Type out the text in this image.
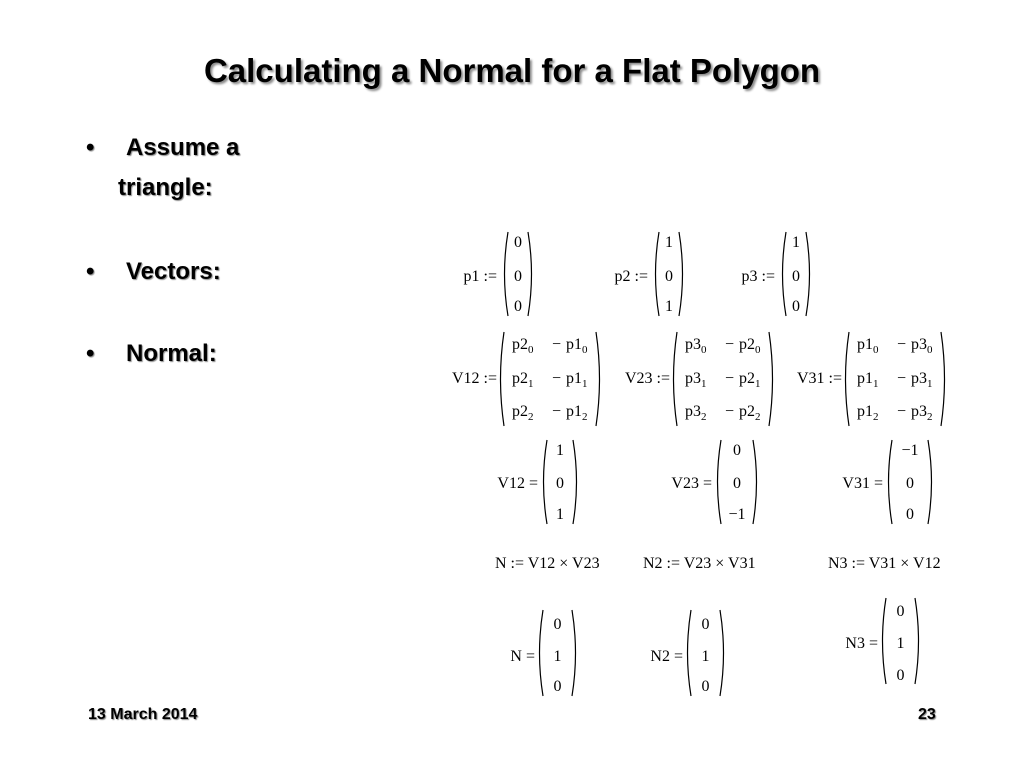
Calculating a Normal for a Flat Polygon
• Assume a
triangle:
• Vectors:
• Normal:
p1 :=
0
0
0
p2 :=
1
0
1
p3 :=
1
0
0
V12 :=
$p2_0 - p1_0$
$p2_1 - p1_1$
$p2_2 - p1_2$
V23 :=
$p3_0 - p2_0$
$p3_1 - p2_1$
$p3_2 - p2_2$
V31 :=
$p1_0 - p3_0$
$p1_1 - p3_1$
$p1_2 - p3_2$
V12 =
1
0
1
V23 =
0
0
−1
V31 =
−1
0
0
N := V12 × V23	N2 := V23 × V31	N3 := V31 × V12
N =
0
1
0
N2 =
0
1
0
N3 =
0
1
0
13 March 2014	23
